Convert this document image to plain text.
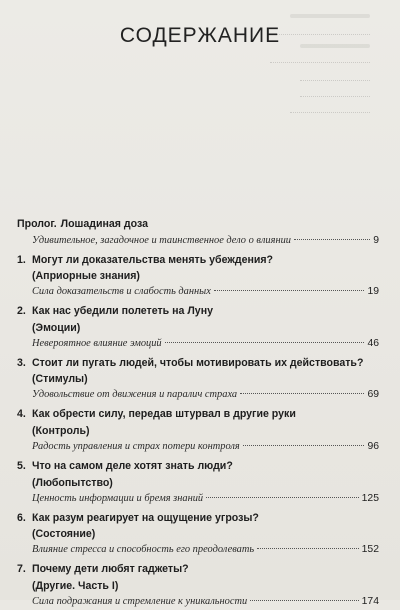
СОДЕРЖАНИЕ
Пролог. Лошадиная доза
Удивительное, загадочное и таинственное дело о влиянии	9
1. Могут ли доказательства менять убеждения?
(Априорные знания)
Сила доказательств и слабость данных	19
2. Как нас убедили полететь на Луну
(Эмоции)
Невероятное влияние эмоций	46
3. Стоит ли пугать людей, чтобы мотивировать их действовать?
(Стимулы)
Удовольствие от движения и паралич страха	69
4. Как обрести силу, передав штурвал в другие руки
(Контроль)
Радость управления и страх потери контроля	96
5. Что на самом деле хотят знать люди?
(Любопытство)
Ценность информации и бремя знаний	125
6. Как разум реагирует на ощущение угрозы?
(Состояние)
Влияние стресса и способность его преодолевать	152
7. Почему дети любят гаджеты?
(Другие. Часть I)
Сила подражания и стремление к уникальности	174
